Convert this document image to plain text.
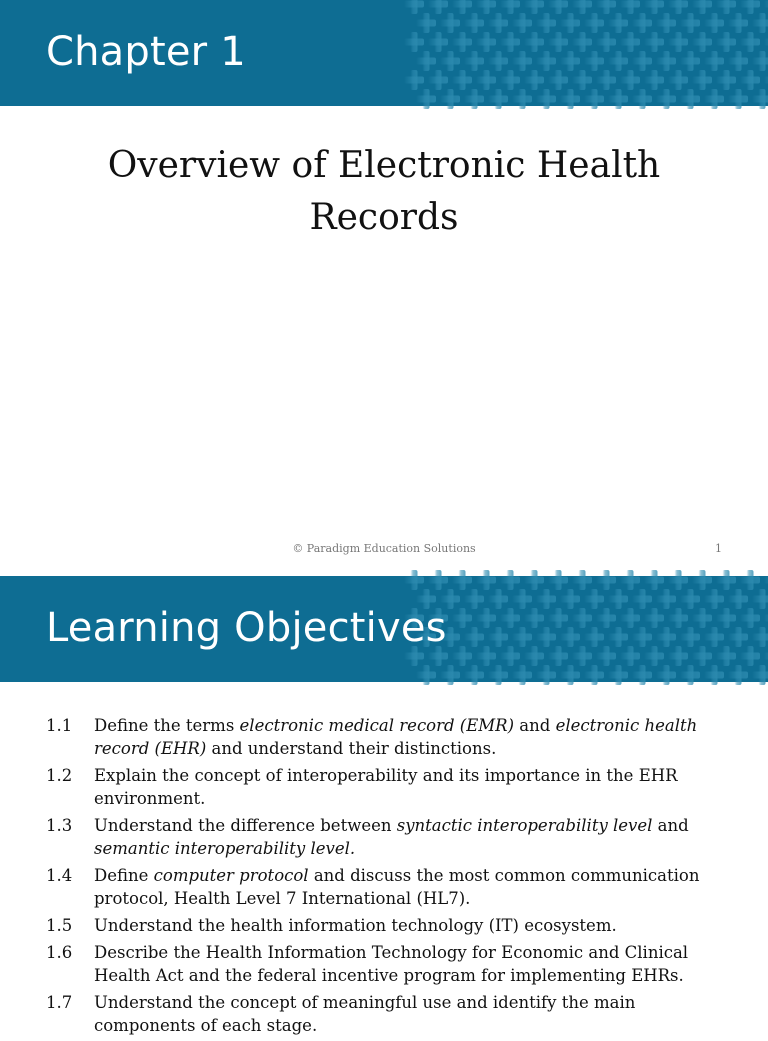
Chapter 1
Overview of Electronic Health Records
© Paradigm Education Solutions	1
Learning Objectives
1.1 Define the terms electronic medical record (EMR) and electronic health record (EHR) and understand their distinctions.
1.2 Explain the concept of interoperability and its importance in the EHR environment.
1.3 Understand the difference between syntactic interoperability level and semantic interoperability level.
1.4 Define computer protocol and discuss the most common communication protocol, Health Level 7 International (HL7).
1.5 Understand the health information technology (IT) ecosystem.
1.6 Describe the Health Information Technology for Economic and Clinical Health Act and the federal incentive program for implementing EHRs.
1.7 Understand the concept of meaningful use and identify the main components of each stage.
